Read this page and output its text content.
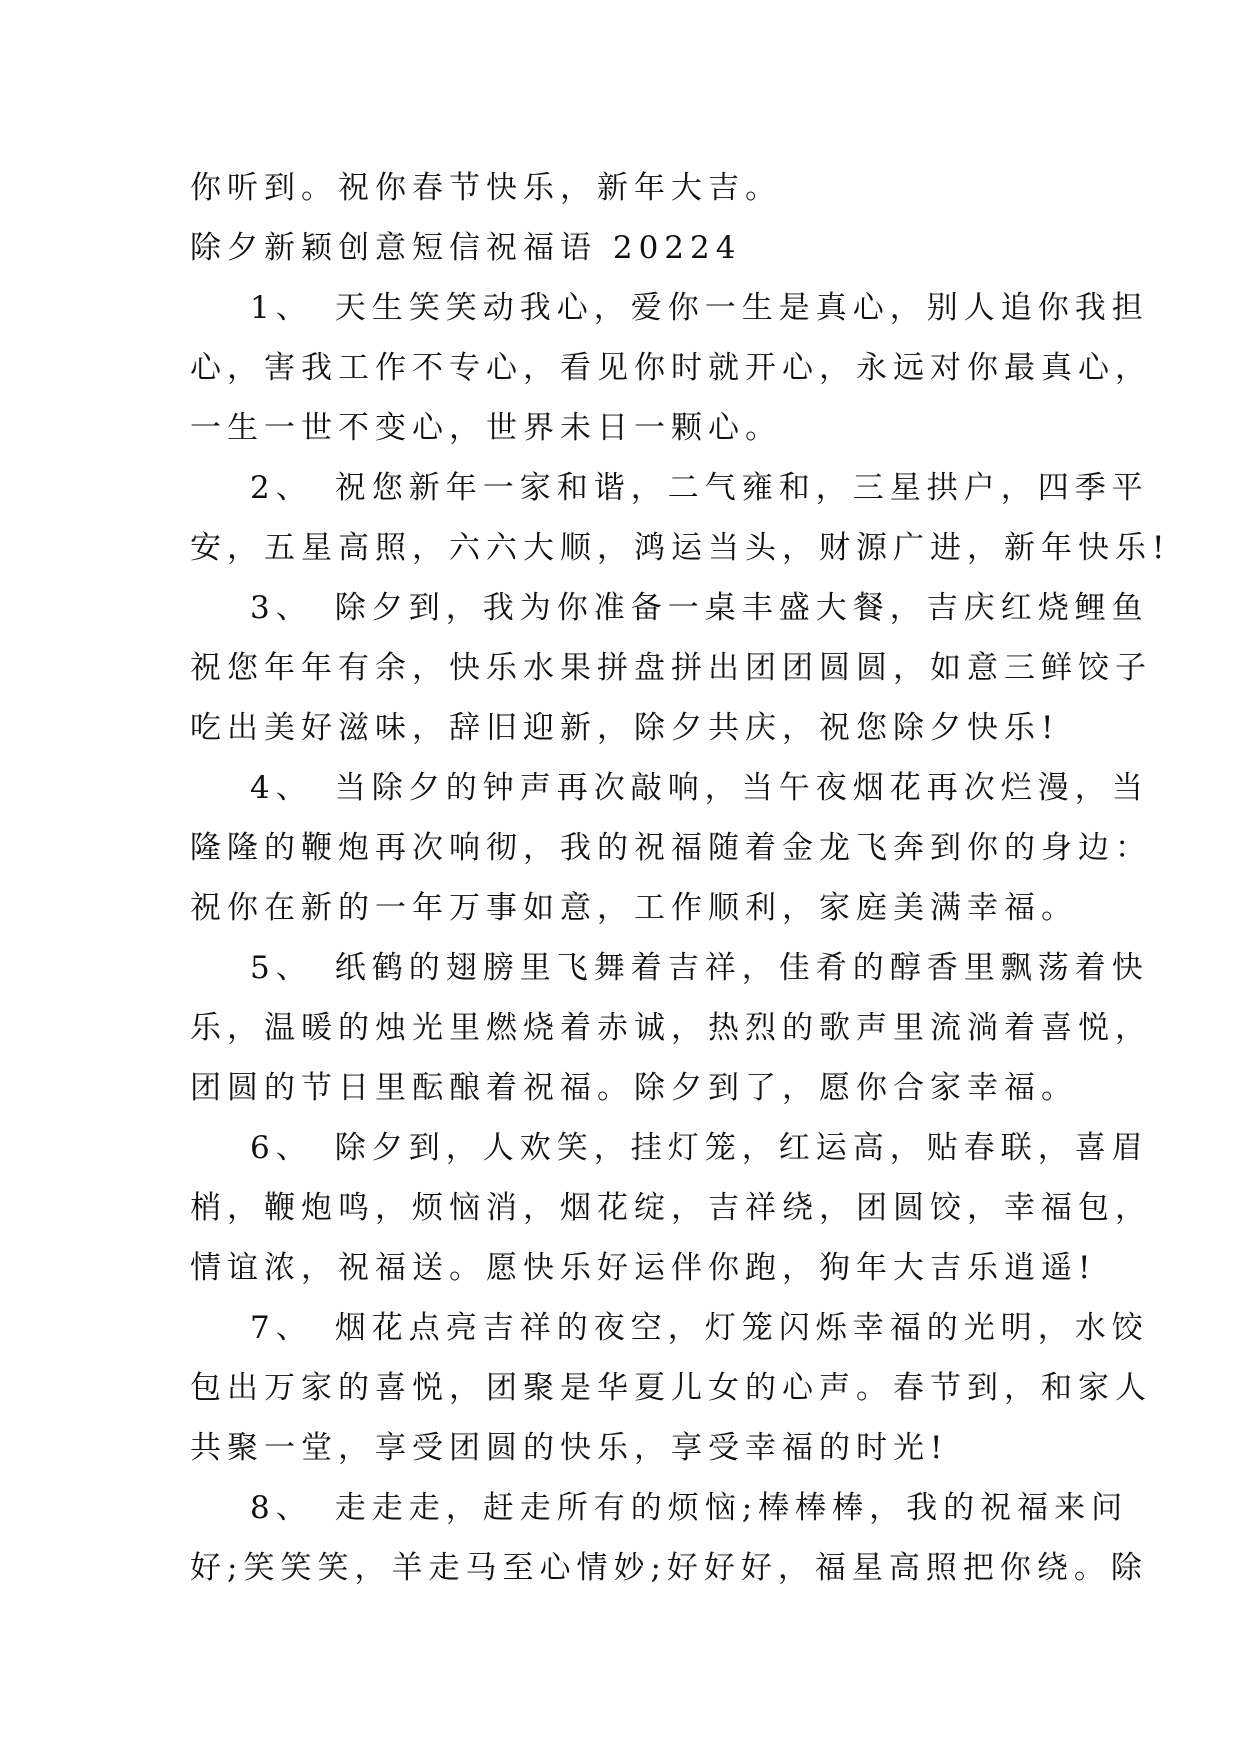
你听到。祝你春节快乐，新年大吉。
除夕新颖创意短信祝福语 20224
1、 天生笑笑动我心，爱你一生是真心，别人追你我担
心，害我工作不专心，看见你时就开心，永远对你最真心，
一生一世不变心，世界未日一颗心。
2、 祝您新年一家和谐，二气雍和，三星拱户，四季平
安，五星高照，六六大顺，鸿运当头，财源广进，新年快乐!
3、 除夕到，我为你准备一桌丰盛大餐，吉庆红烧鲤鱼
祝您年年有余，快乐水果拼盘拼出团团圆圆，如意三鲜饺子
吃出美好滋味，辞旧迎新，除夕共庆，祝您除夕快乐!
4、 当除夕的钟声再次敲响，当午夜烟花再次烂漫，当
隆隆的鞭炮再次响彻，我的祝福随着金龙飞奔到你的身边：
祝你在新的一年万事如意，工作顺利，家庭美满幸福。
5、 纸鹤的翅膀里飞舞着吉祥，佳肴的醇香里飘荡着快
乐，温暖的烛光里燃烧着赤诚，热烈的歌声里流淌着喜悦，
团圆的节日里酝酿着祝福。除夕到了，愿你合家幸福。
6、 除夕到，人欢笑，挂灯笼，红运高，贴春联，喜眉
梢，鞭炮鸣，烦恼消，烟花绽，吉祥绕，团圆饺，幸福包，
情谊浓，祝福送。愿快乐好运伴你跑，狗年大吉乐逍遥!
7、 烟花点亮吉祥的夜空，灯笼闪烁幸福的光明，水饺
包出万家的喜悦，团聚是华夏儿女的心声。春节到，和家人
共聚一堂，享受团圆的快乐，享受幸福的时光!
8、 走走走，赶走所有的烦恼;棒棒棒，我的祝福来问
好;笑笑笑，羊走马至心情妙;好好好，福星高照把你绕。除
